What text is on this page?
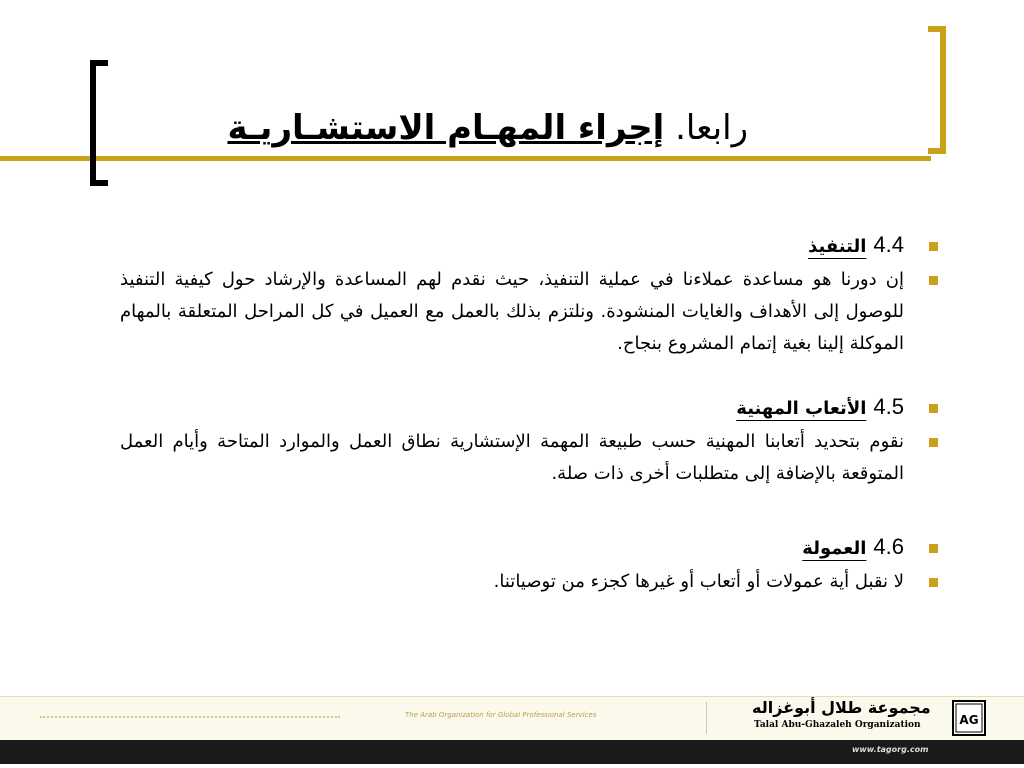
رابعا. إجراء المهـام الاستشـاريـة

4.4 التنفيذ

إن دورنا هو مساعدة عملاءنا في عملية التنفيذ، حيث نقدم لهم المساعدة والإرشاد حول كيفية التنفيذ للوصول إلى الأهداف والغايات المنشودة. ونلتزم بذلك بالعمل مع العميل في كل المراحل المتعلقة بالمهام الموكلة إلينا بغية إتمام المشروع بنجاح.

4.5 الأتعاب المهنية

نقوم بتحديد أتعابنا المهنية حسب طبيعة المهمة الإستشارية نطاق العمل والموارد المتاحة وأيام العمل المتوقعة بالإضافة إلى متطلبات أخرى ذات صلة.

4.6 العمولة

لا نقبل أية عمولات أو أتعاب أو غيرها كجزء من توصياتنا.

The Arab Organization for Global Professional Services	مجموعة طلال أبوغزاله
Talal Abu-Ghazaleh Organization	AG
www.tagorg.com
